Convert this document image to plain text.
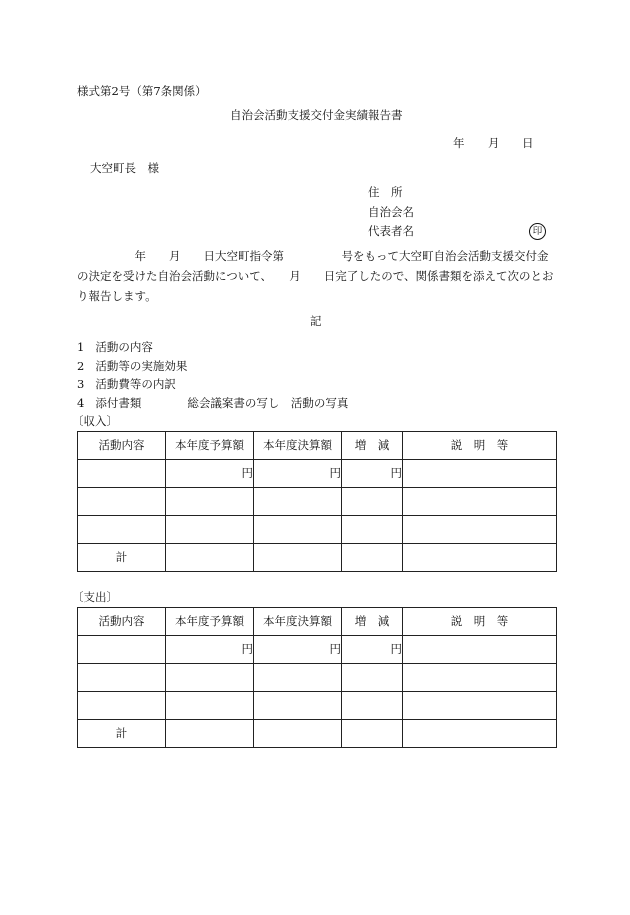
様式第2号（第7条関係）
自治会活動支援交付金実績報告書
年 月 日
大空町長　様
住　所
自治会名
代表者名	印
　　　　　年　　月　　日大空町指令第　　　　　号をもって大空町自治会活動支援交付金の決定を受けた自治会活動について、　　月　　日完了したので、関係書類を添えて次のとおり報告します。
記
1 活動の内容
2 活動等の実施効果
3 活動費等の内訳
4 添付書類　　　　総会議案書の写し　活動の写真
〔収入〕
活動内容	本年度予算額	本年度決算額	増　減	説　明　等
	円	円	円	

計				
〔支出〕
活動内容	本年度予算額	本年度決算額	増　減	説　明　等
	円	円	円	

計				
